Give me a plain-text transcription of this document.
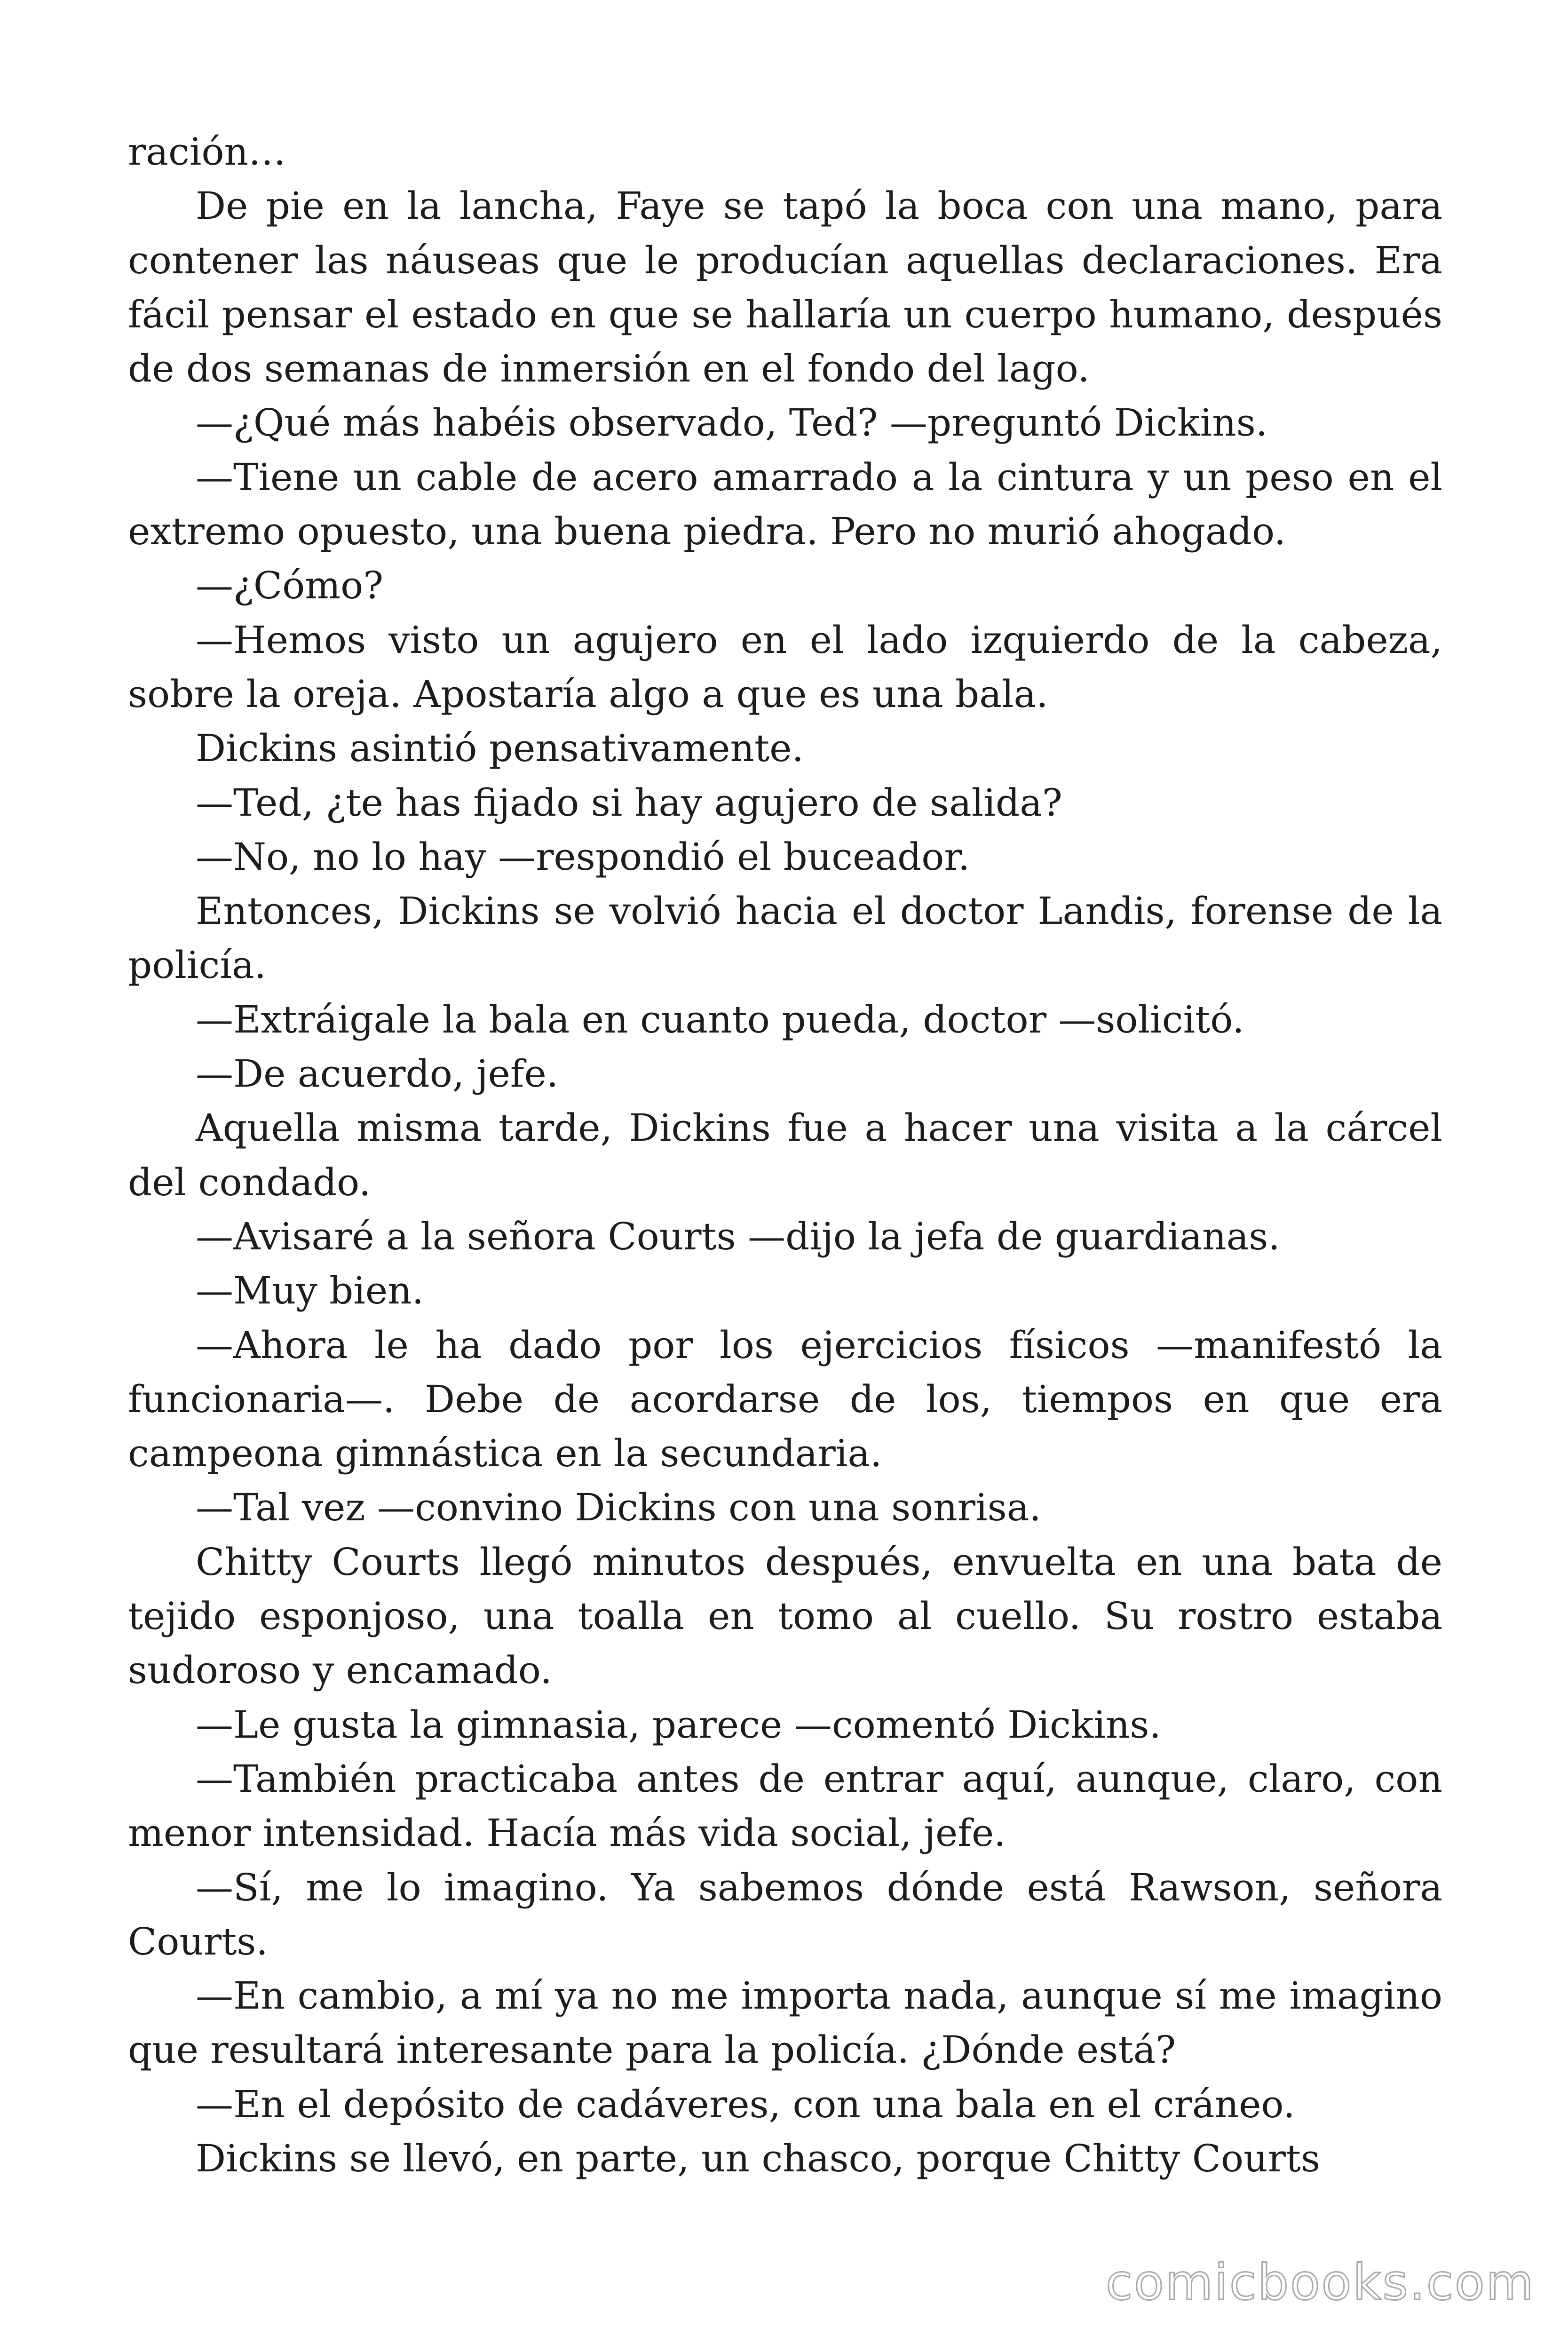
ración…

De pie en la lancha, Faye se tapó la boca con una mano, para contener las náuseas que le producían aquellas declaraciones. Era fácil pensar el estado en que se hallaría un cuerpo humano, después de dos semanas de inmersión en el fondo del lago.

—¿Qué más habéis observado, Ted? —preguntó Dickins.

—Tiene un cable de acero amarrado a la cintura y un peso en el extremo opuesto, una buena piedra. Pero no murió ahogado.

—¿Cómo?

—Hemos visto un agujero en el lado izquierdo de la cabeza, sobre la oreja. Apostaría algo a que es una bala.

Dickins asintió pensativamente.

—Ted, ¿te has fijado si hay agujero de salida?

—No, no lo hay —respondió el buceador.

Entonces, Dickins se volvió hacia el doctor Landis, forense de la policía.

—Extráigale la bala en cuanto pueda, doctor —solicitó.

—De acuerdo, jefe.

Aquella misma tarde, Dickins fue a hacer una visita a la cárcel del condado.

—Avisaré a la señora Courts —dijo la jefa de guardianas.

—Muy bien.

—Ahora le ha dado por los ejercicios físicos —manifestó la funcionaria—. Debe de acordarse de los, tiempos en que era campeona gimnástica en la secundaria.

—Tal vez —convino Dickins con una sonrisa.

Chitty Courts llegó minutos después, envuelta en una bata de tejido esponjoso, una toalla en tomo al cuello. Su rostro estaba sudoroso y encamado.

—Le gusta la gimnasia, parece —comentó Dickins.

—También practicaba antes de entrar aquí, aunque, claro, con menor intensidad. Hacía más vida social, jefe.

—Sí, me lo imagino. Ya sabemos dónde está Rawson, señora Courts.

—En cambio, a mí ya no me importa nada, aunque sí me imagino que resultará interesante para la policía. ¿Dónde está?

—En el depósito de cadáveres, con una bala en el cráneo.

Dickins se llevó, en parte, un chasco, porque Chitty Courts

comicbooks.com
